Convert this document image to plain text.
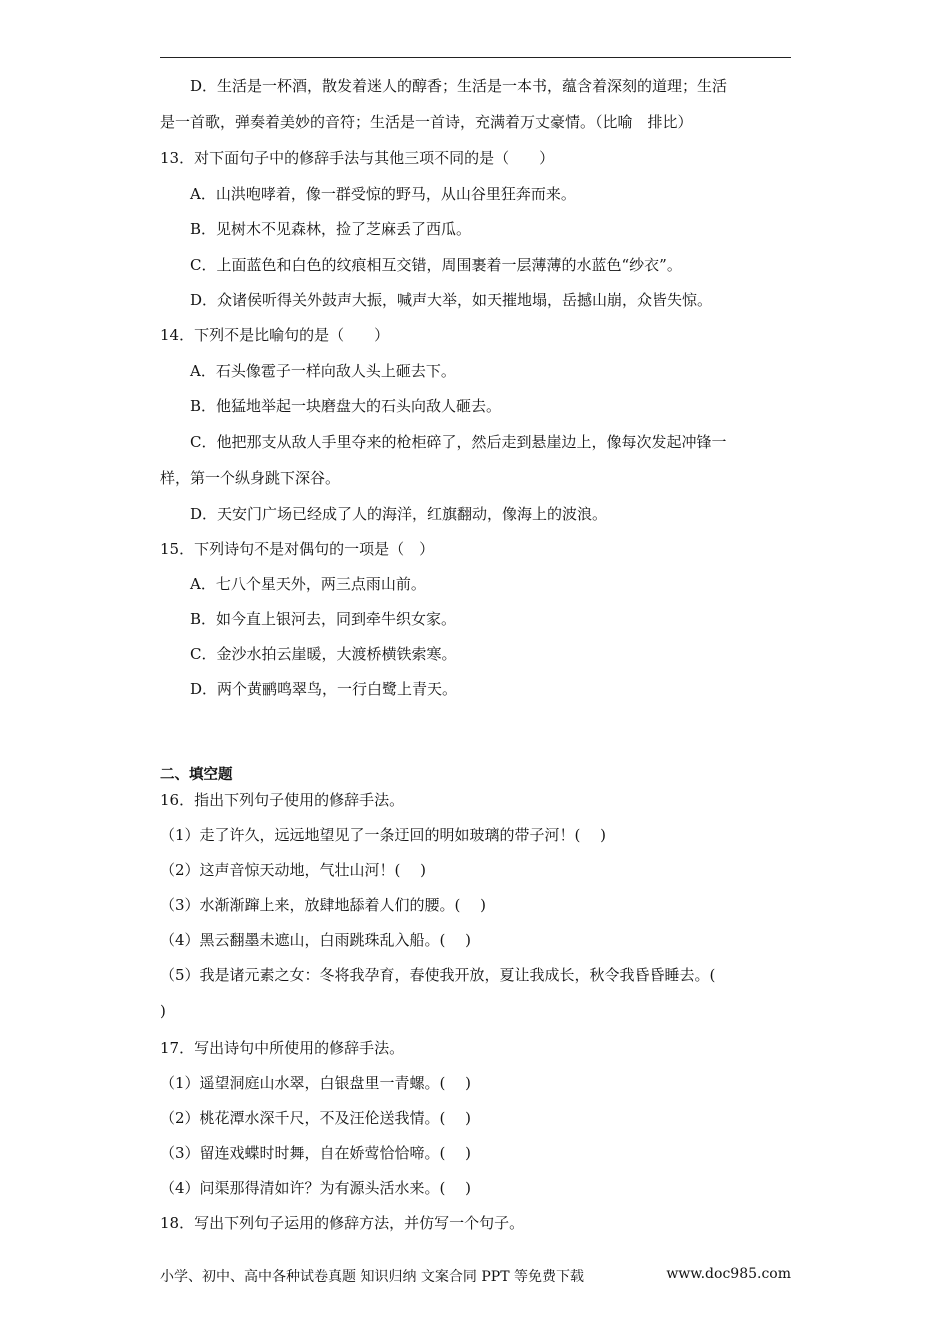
D．生活是一杯酒，散发着迷人的醇香；生活是一本书，蕴含着深刻的道理；生活
是一首歌，弹奏着美妙的音符；生活是一首诗，充满着万丈豪情。（比喻　排比）
13．对下面句子中的修辞手法与其他三项不同的是（　　）
A．山洪咆哮着，像一群受惊的野马，从山谷里狂奔而来。
B．见树木不见森林，捡了芝麻丢了西瓜。
C．上面蓝色和白色的纹痕相互交错，周围裹着一层薄薄的水蓝色“纱衣”。
D．众诸侯听得关外鼓声大振，喊声大举，如天摧地塌，岳撼山崩，众皆失惊。
14．下列不是比喻句的是（　　）
A．石头像雹子一样向敌人头上砸去下。
B．他猛地举起一块磨盘大的石头向敌人砸去。
C．他把那支从敌人手里夺来的枪柜碎了，然后走到悬崖边上，像每次发起冲锋一
样，第一个纵身跳下深谷。
D．天安门广场已经成了人的海洋，红旗翻动，像海上的波浪。
15．下列诗句不是对偶句的一项是（　）
A．七八个星天外，两三点雨山前。
B．如今直上银河去，同到牵牛织女家。
C．金沙水拍云崖暖，大渡桥横铁索寒。
D．两个黄鹂鸣翠鸟，一行白鹭上青天。
二、填空题
16．指出下列句子使用的修辞手法。
（1）走了许久，远远地望见了一条迂回的明如玻璃的带子河！(　 )
（2）这声音惊天动地，气壮山河！(　 )
（3）水渐渐蹿上来，放肆地舔着人们的腰。(　 )
（4）黑云翻墨未遮山，白雨跳珠乱入船。(　 )
（5）我是诸元素之女：冬将我孕育，春使我开放，夏让我成长，秋令我昏昏睡去。(
)
17．写出诗句中所使用的修辞手法。
（1）遥望洞庭山水翠，白银盘里一青螺。(　 )
（2）桃花潭水深千尺，不及汪伦送我情。(　 )
（3）留连戏蝶时时舞，自在娇莺恰恰啼。(　 )
（4）问渠那得清如许？为有源头活水来。(　 )
18．写出下列句子运用的修辞方法，并仿写一个句子。
小学、初中、高中各种试卷真题 知识归纳 文案合同 PPT 等免费下载	www.doc985.com
